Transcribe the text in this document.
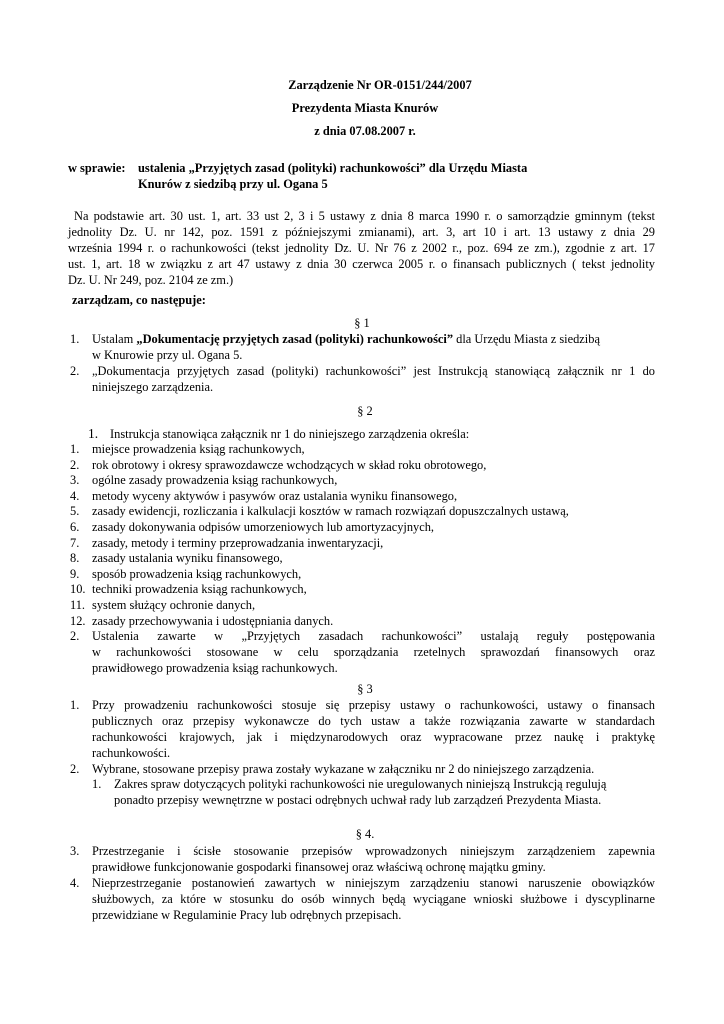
Zarządzenie Nr OR-0151/244/2007
Prezydenta Miasta Knurów
z dnia 07.08.2007 r.
w sprawie: ustalenia „Przyjętych zasad (polityki) rachunkowości” dla Urzędu Miasta
Knurów z siedzibą przy ul. Ogana 5
Na podstawie art. 30 ust. 1, art. 33 ust 2, 3 i 5 ustawy z dnia 8 marca 1990 r. o samorządzie gminnym (tekst
jednolity Dz. U. nr 142, poz. 1591 z późniejszymi zmianami), art. 3, art 10 i art. 13 ustawy z dnia 29
września 1994 r. o rachunkowości (tekst jednolity Dz. U. Nr 76 z 2002 r., poz. 694 ze zm.), zgodnie z art. 17
ust. 1, art. 18 w związku z art 47 ustawy z dnia 30 czerwca 2005 r. o finansach publicznych ( tekst jednolity
Dz. U. Nr 249, poz. 2104 ze zm.)
zarządzam, co następuje:
§ 1
1. Ustalam „Dokumentację przyjętych zasad (polityki) rachunkowości” dla Urzędu Miasta z siedzibą
w Knurowie przy ul. Ogana 5.
2. „Dokumentacja przyjętych zasad (polityki) rachunkowości” jest Instrukcją stanowiącą załącznik nr 1 do
niniejszego zarządzenia.
§ 2
1. Instrukcja stanowiąca załącznik nr 1 do niniejszego zarządzenia określa:
1. miejsce prowadzenia ksiąg rachunkowych,
2. rok obrotowy i okresy sprawozdawcze wchodzących w skład roku obrotowego,
3. ogólne zasady prowadzenia ksiąg rachunkowych,
4. metody wyceny aktywów i pasywów oraz ustalania wyniku finansowego,
5. zasady ewidencji, rozliczania i kalkulacji kosztów w ramach rozwiązań dopuszczalnych ustawą,
6. zasady dokonywania odpisów umorzeniowych lub amortyzacyjnych,
7. zasady, metody i terminy przeprowadzania inwentaryzacji,
8. zasady ustalania wyniku finansowego,
9. sposób prowadzenia ksiąg rachunkowych,
10. techniki prowadzenia ksiąg rachunkowych,
11. system służący ochronie danych,
12. zasady przechowywania i udostępniania danych.
2. Ustalenia zawarte w „Przyjętych zasadach rachunkowości” ustalają reguły postępowania
w rachunkowości stosowane w celu sporządzania rzetelnych sprawozdań finansowych oraz
prawidłowego prowadzenia ksiąg rachunkowych.
§ 3
1. Przy prowadzeniu rachunkowości stosuje się przepisy ustawy o rachunkowości, ustawy o finansach
publicznych oraz przepisy wykonawcze do tych ustaw a także rozwiązania zawarte w standardach
rachunkowości krajowych, jak i międzynarodowych oraz wypracowane przez naukę i praktykę
rachunkowości.
2. Wybrane, stosowane przepisy prawa zostały wykazane w załączniku nr 2 do niniejszego zarządzenia.
1. Zakres spraw dotyczących polityki rachunkowości nie uregulowanych niniejszą Instrukcją regulują
ponadto przepisy wewnętrzne w postaci odrębnych uchwał rady lub zarządzeń Prezydenta Miasta.
§ 4.
3. Przestrzeganie i ścisłe stosowanie przepisów wprowadzonych niniejszym zarządzeniem zapewnia
prawidłowe funkcjonowanie gospodarki finansowej oraz właściwą ochronę majątku gminy.
4. Nieprzestrzeganie postanowień zawartych w niniejszym zarządzeniu stanowi naruszenie obowiązków
służbowych, za które w stosunku do osób winnych będą wyciągane wnioski służbowe i dyscyplinarne
przewidziane w Regulaminie Pracy lub odrębnych przepisach.
